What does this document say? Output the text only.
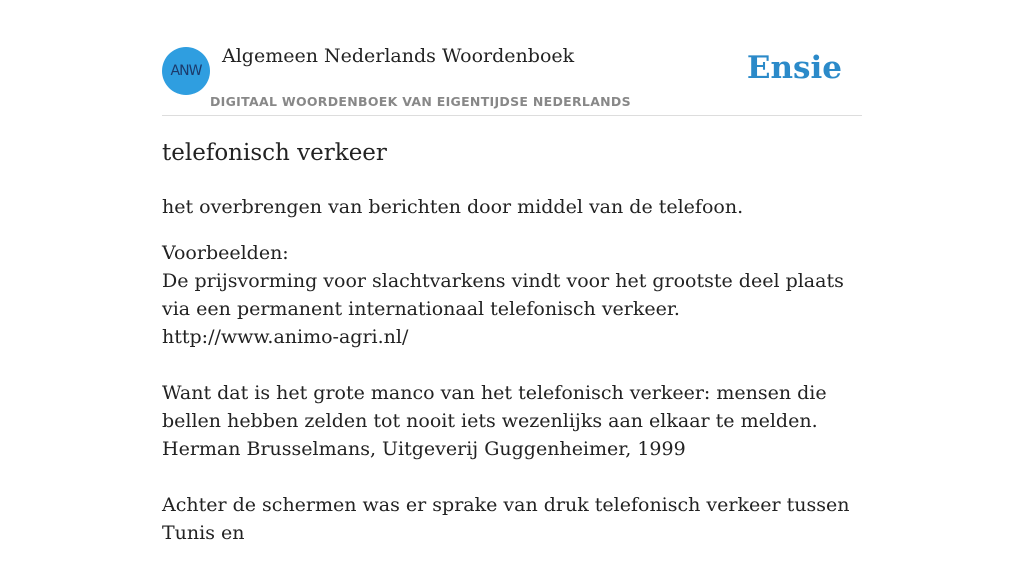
ANW
Algemeen Nederlands Woordenboek
DIGITAAL WOORDENBOEK VAN EIGENTIJDSE NEDERLANDS
Ensie
telefonisch verkeer

het overbrengen van berichten door middel van de telefoon.

Voorbeelden:

De prijsvorming voor slachtvarkens vindt voor het grootste deel plaats via een permanent internationaal telefonisch verkeer.

http://www.animo-agri.nl/

Want dat is het grote manco van het telefonisch verkeer: mensen die bellen hebben zelden tot nooit iets wezenlijks aan elkaar te melden.

Herman Brusselmans, Uitgeverij Guggenheimer, 1999

Achter de schermen was er sprake van druk telefonisch verkeer tussen Tunis en
